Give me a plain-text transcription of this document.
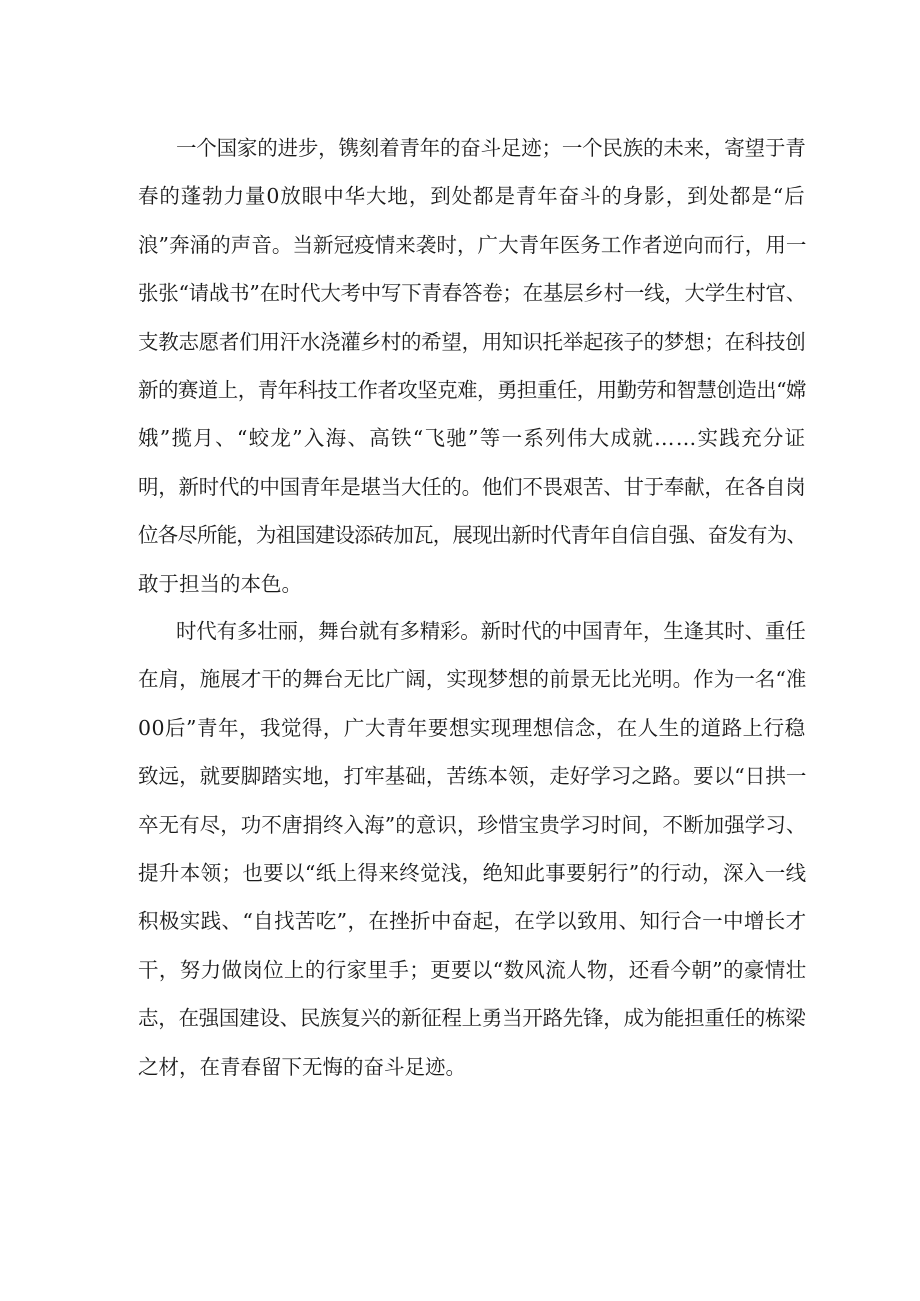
一个国家的进步，镌刻着青年的奋斗足迹；一个民族的未来，寄望于青
春的蓬勃力量0放眼中华大地，到处都是青年奋斗的身影，到处都是“后
浪”奔涌的声音。当新冠疫情来袭时，广大青年医务工作者逆向而行，用一
张张“请战书”在时代大考中写下青春答卷；在基层乡村一线，大学生村官、
支教志愿者们用汗水浇灌乡村的希望，用知识托举起孩子的梦想；在科技创
新的赛道上，青年科技工作者攻坚克难，勇担重任，用勤劳和智慧创造出“嫦
娥”揽月、“蛟龙”入海、高铁“飞驰”等一系列伟大成就……实践充分证
明，新时代的中国青年是堪当大任的。他们不畏艰苦、甘于奉献，在各自岗
位各尽所能，为祖国建设添砖加瓦，展现出新时代青年自信自强、奋发有为、
敢于担当的本色。
时代有多壮丽，舞台就有多精彩。新时代的中国青年，生逢其时、重任
在肩，施展才干的舞台无比广阔，实现梦想的前景无比光明。作为一名“准
00后”青年，我觉得，广大青年要想实现理想信念，在人生的道路上行稳
致远，就要脚踏实地，打牢基础，苦练本领，走好学习之路。要以“日拱一
卒无有尽，功不唐捐终入海”的意识，珍惜宝贵学习时间，不断加强学习、
提升本领；也要以“纸上得来终觉浅，绝知此事要躬行”的行动，深入一线
积极实践、“自找苦吃”，在挫折中奋起，在学以致用、知行合一中增长才
干，努力做岗位上的行家里手；更要以“数风流人物，还看今朝”的豪情壮
志，在强国建设、民族复兴的新征程上勇当开路先锋，成为能担重任的栋梁
之材，在青春留下无悔的奋斗足迹。
